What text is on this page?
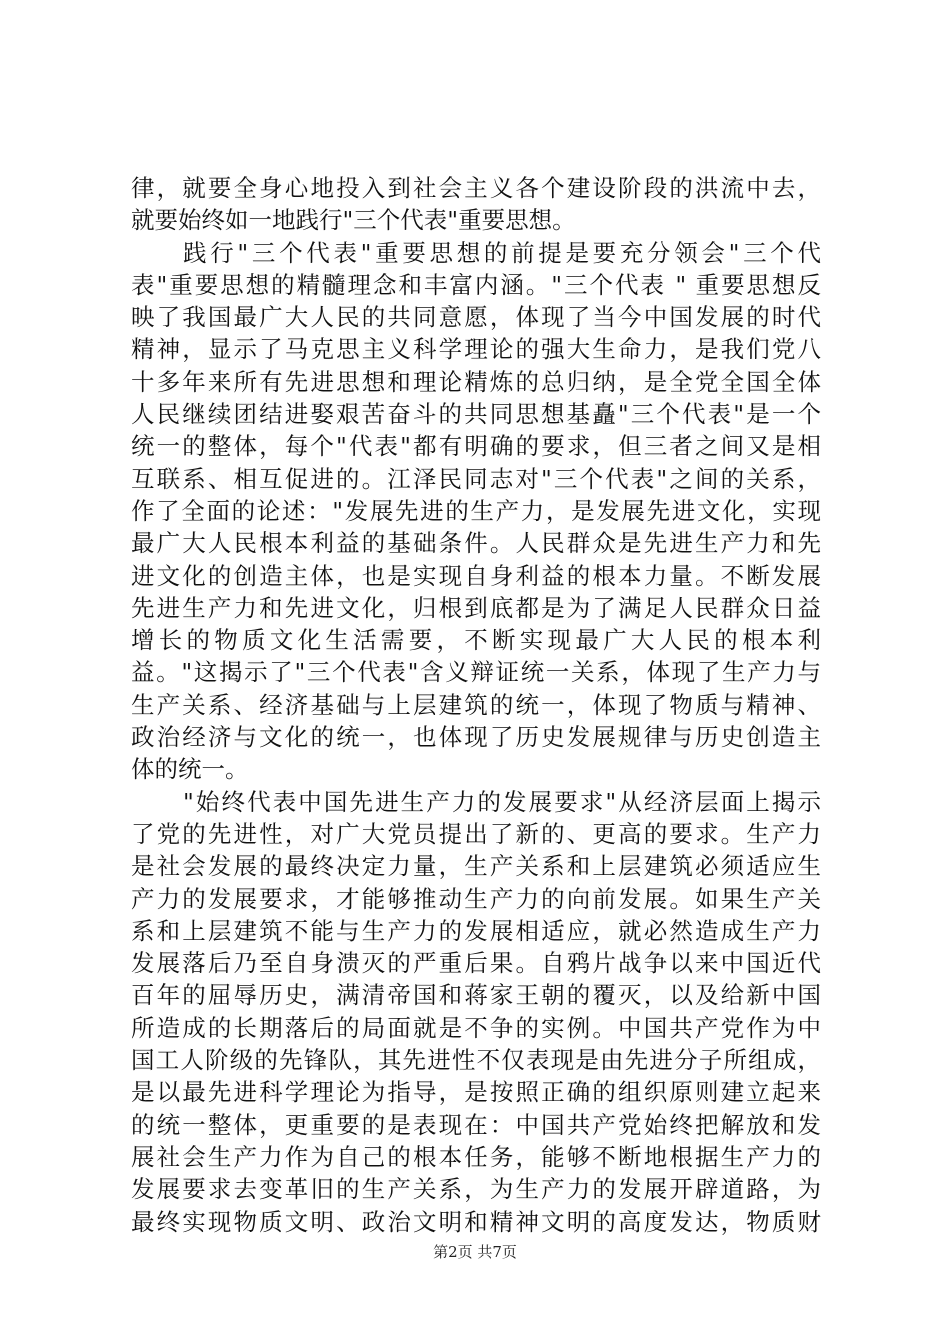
律，就要全身心地投入到社会主义各个建设阶段的洪流中去，
就要始终如一地践行"三个代表"重要思想。
践行"三个代表"重要思想的前提是要充分领会"三个代
表"重要思想的精髓理念和丰富内涵。"三个代表 " 重要思想反
映了我国最广大人民的共同意愿，体现了当今中国发展的时代
精神，显示了马克思主义科学理论的强大生命力，是我们党八
十多年来所有先进思想和理论精炼的总归纳，是全党全国全体
人民继续团结进娶艰苦奋斗的共同思想基矗"三个代表"是一个
统一的整体，每个"代表"都有明确的要求，但三者之间又是相
互联系、相互促进的。江泽民同志对"三个代表"之间的关系，
作了全面的论述："发展先进的生产力，是发展先进文化，实现
最广大人民根本利益的基础条件。人民群众是先进生产力和先
进文化的创造主体，也是实现自身利益的根本力量。不断发展
先进生产力和先进文化，归根到底都是为了满足人民群众日益
增长的物质文化生活需要，不断实现最广大人民的根本利
益。"这揭示了"三个代表"含义辩证统一关系，体现了生产力与
生产关系、经济基础与上层建筑的统一，体现了物质与精神、
政治经济与文化的统一，也体现了历史发展规律与历史创造主
体的统一。
"始终代表中国先进生产力的发展要求"从经济层面上揭示
了党的先进性，对广大党员提出了新的、更高的要求。生产力
是社会发展的最终决定力量，生产关系和上层建筑必须适应生
产力的发展要求，才能够推动生产力的向前发展。如果生产关
系和上层建筑不能与生产力的发展相适应，就必然造成生产力
发展落后乃至自身溃灭的严重后果。自鸦片战争以来中国近代
百年的屈辱历史，满清帝国和蒋家王朝的覆灭，以及给新中国
所造成的长期落后的局面就是不争的实例。中国共产党作为中
国工人阶级的先锋队，其先进性不仅表现是由先进分子所组成，
是以最先进科学理论为指导，是按照正确的组织原则建立起来
的统一整体，更重要的是表现在：中国共产党始终把解放和发
展社会生产力作为自己的根本任务，能够不断地根据生产力的
发展要求去变革旧的生产关系，为生产力的发展开辟道路，为
最终实现物质文明、政治文明和精神文明的高度发达，物质财
第2页 共7页
